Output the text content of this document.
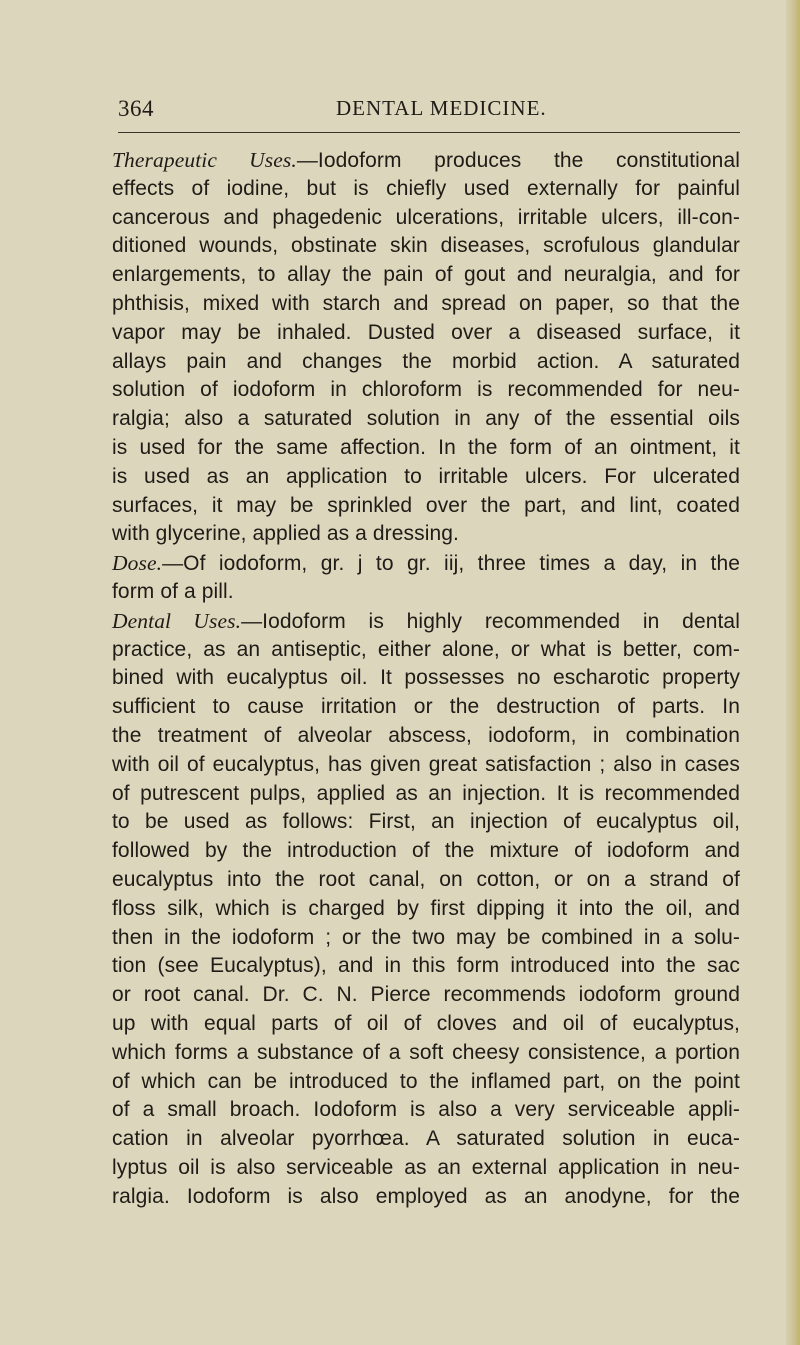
364	DENTAL MEDICINE.
Therapeutic Uses.—Iodoform produces the constitutional
effects of iodine, but is chiefly used externally for painful
cancerous and phagedenic ulcerations, irritable ulcers, ill-con-
ditioned wounds, obstinate skin diseases, scrofulous glandular
enlargements, to allay the pain of gout and neuralgia, and for
phthisis, mixed with starch and spread on paper, so that the
vapor may be inhaled. Dusted over a diseased surface, it
allays pain and changes the morbid action. A saturated
solution of iodoform in chloroform is recommended for neu-
ralgia; also a saturated solution in any of the essential oils
is used for the same affection. In the form of an ointment, it
is used as an application to irritable ulcers. For ulcerated
surfaces, it may be sprinkled over the part, and lint, coated
with glycerine, applied as a dressing.
Dose.—Of iodoform, gr. j to gr. iij, three times a day, in the
form of a pill.
Dental Uses.—Iodoform is highly recommended in dental
practice, as an antiseptic, either alone, or what is better, com-
bined with eucalyptus oil. It possesses no escharotic property
sufficient to cause irritation or the destruction of parts. In
the treatment of alveolar abscess, iodoform, in combination
with oil of eucalyptus, has given great satisfaction ; also in cases
of putrescent pulps, applied as an injection. It is recommended
to be used as follows: First, an injection of eucalyptus oil,
followed by the introduction of the mixture of iodoform and
eucalyptus into the root canal, on cotton, or on a strand of
floss silk, which is charged by first dipping it into the oil, and
then in the iodoform ; or the two may be combined in a solu-
tion (see Eucalyptus), and in this form introduced into the sac
or root canal. Dr. C. N. Pierce recommends iodoform ground
up with equal parts of oil of cloves and oil of eucalyptus,
which forms a substance of a soft cheesy consistence, a portion
of which can be introduced to the inflamed part, on the point
of a small broach. Iodoform is also a very serviceable appli-
cation in alveolar pyorrhœa. A saturated solution in euca-
lyptus oil is also serviceable as an external application in neu-
ralgia. Iodoform is also employed as an anodyne, for the
